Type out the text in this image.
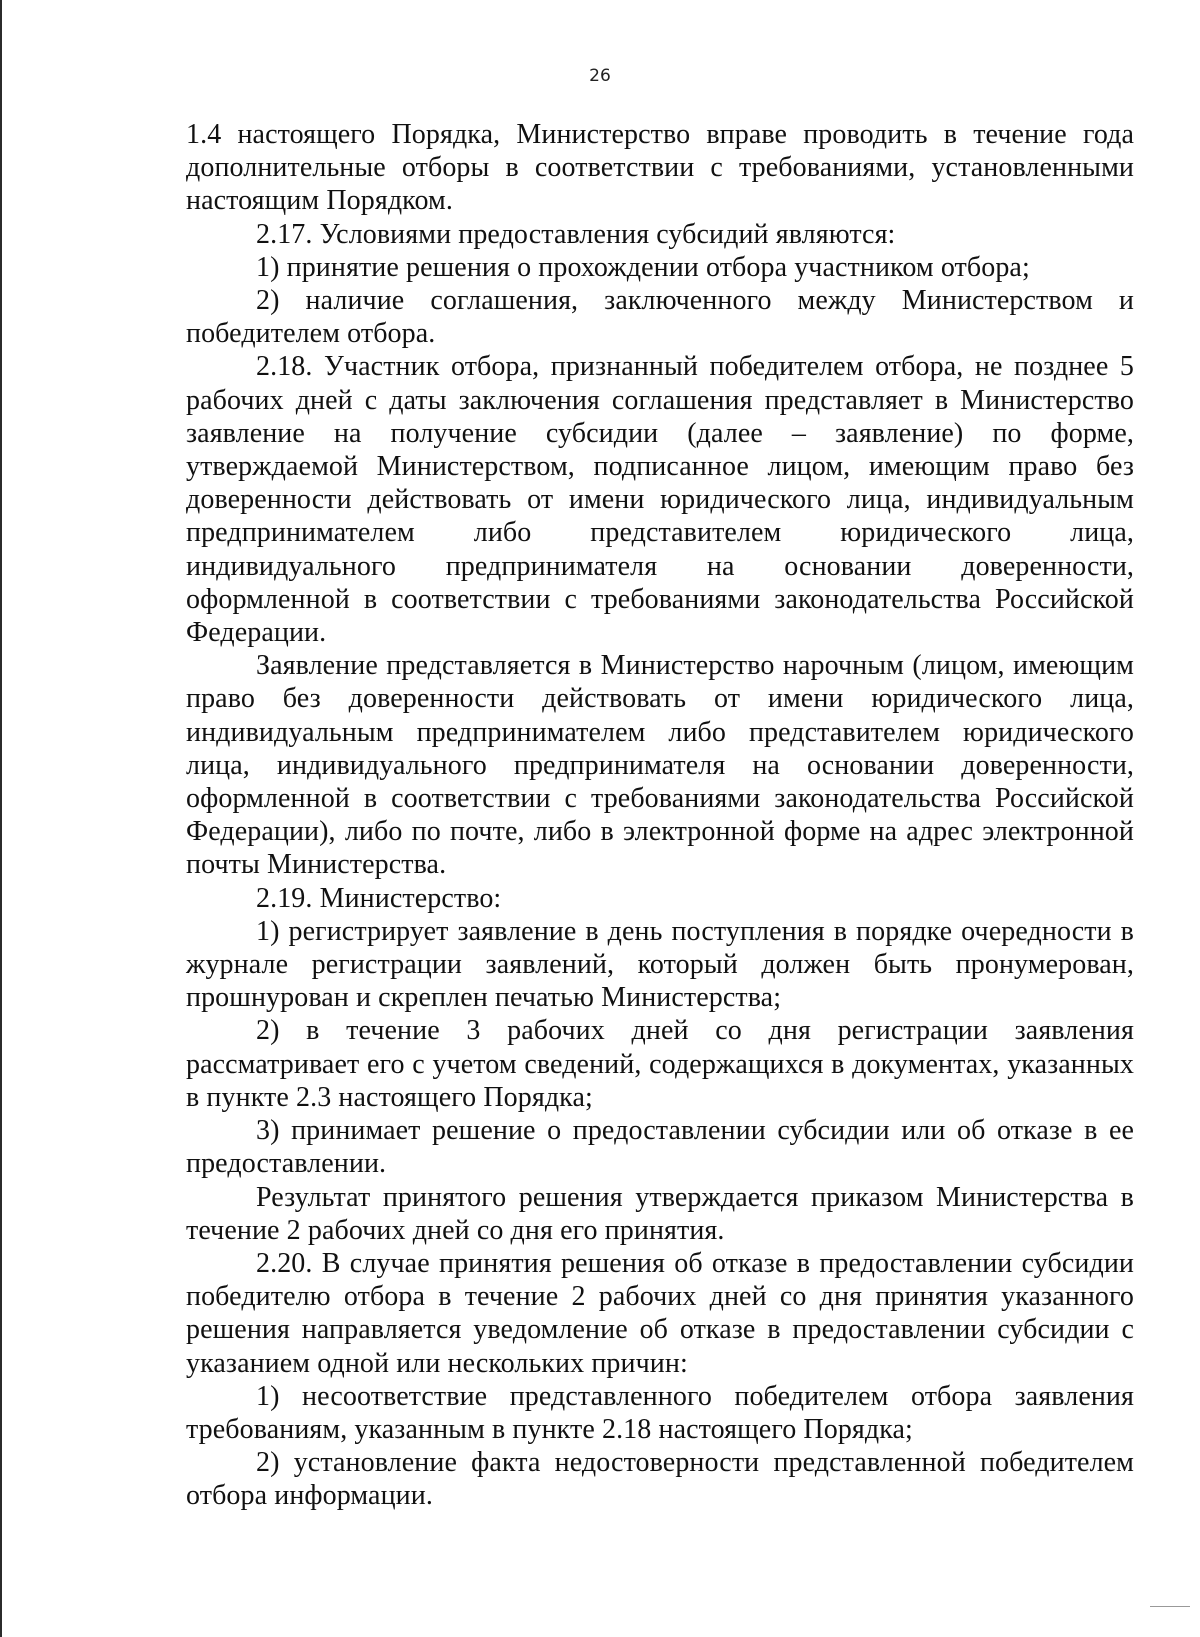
26

1.4 настоящего Порядка, Министерство вправе проводить в течение года дополнительные отборы в соответствии с требованиями, установленными настоящим Порядком.

2.17. Условиями предоставления субсидий являются:

1) принятие решения о прохождении отбора участником отбора;

2) наличие соглашения, заключенного между Министерством и победителем отбора.

2.18. Участник отбора, признанный победителем отбора, не позднее 5 рабочих дней с даты заключения соглашения представляет в Министерство заявление на получение субсидии (далее – заявление) по форме, утверждаемой Министерством, подписанное лицом, имеющим право без доверенности действовать от имени юридического лица, индивидуальным предпринимателем либо представителем юридического лица, индивидуального предпринимателя на основании доверенности, оформленной в соответствии с требованиями законодательства Российской Федерации.

Заявление представляется в Министерство нарочным (лицом, имеющим право без доверенности действовать от имени юридического лица, индивидуальным предпринимателем либо представителем юридического лица, индивидуального предпринимателя на основании доверенности, оформленной в соответствии с требованиями законодательства Российской Федерации), либо по почте, либо в электронной форме на адрес электронной почты Министерства.

2.19. Министерство:

1) регистрирует заявление в день поступления в порядке очередности в журнале регистрации заявлений, который должен быть пронумерован, прошнурован и скреплен печатью Министерства;

2) в течение 3 рабочих дней со дня регистрации заявления рассматривает его с учетом сведений, содержащихся в документах, указанных в пункте 2.3 настоящего Порядка;

3) принимает решение о предоставлении субсидии или об отказе в ее предоставлении.

Результат принятого решения утверждается приказом Министерства в течение 2 рабочих дней со дня его принятия.

2.20. В случае принятия решения об отказе в предоставлении субсидии победителю отбора в течение 2 рабочих дней со дня принятия указанного решения направляется уведомление об отказе в предоставлении субсидии с указанием одной или нескольких причин:

1) несоответствие представленного победителем отбора заявления требованиям, указанным в пункте 2.18 настоящего Порядка;

2) установление факта недостоверности представленной победителем отбора информации.
